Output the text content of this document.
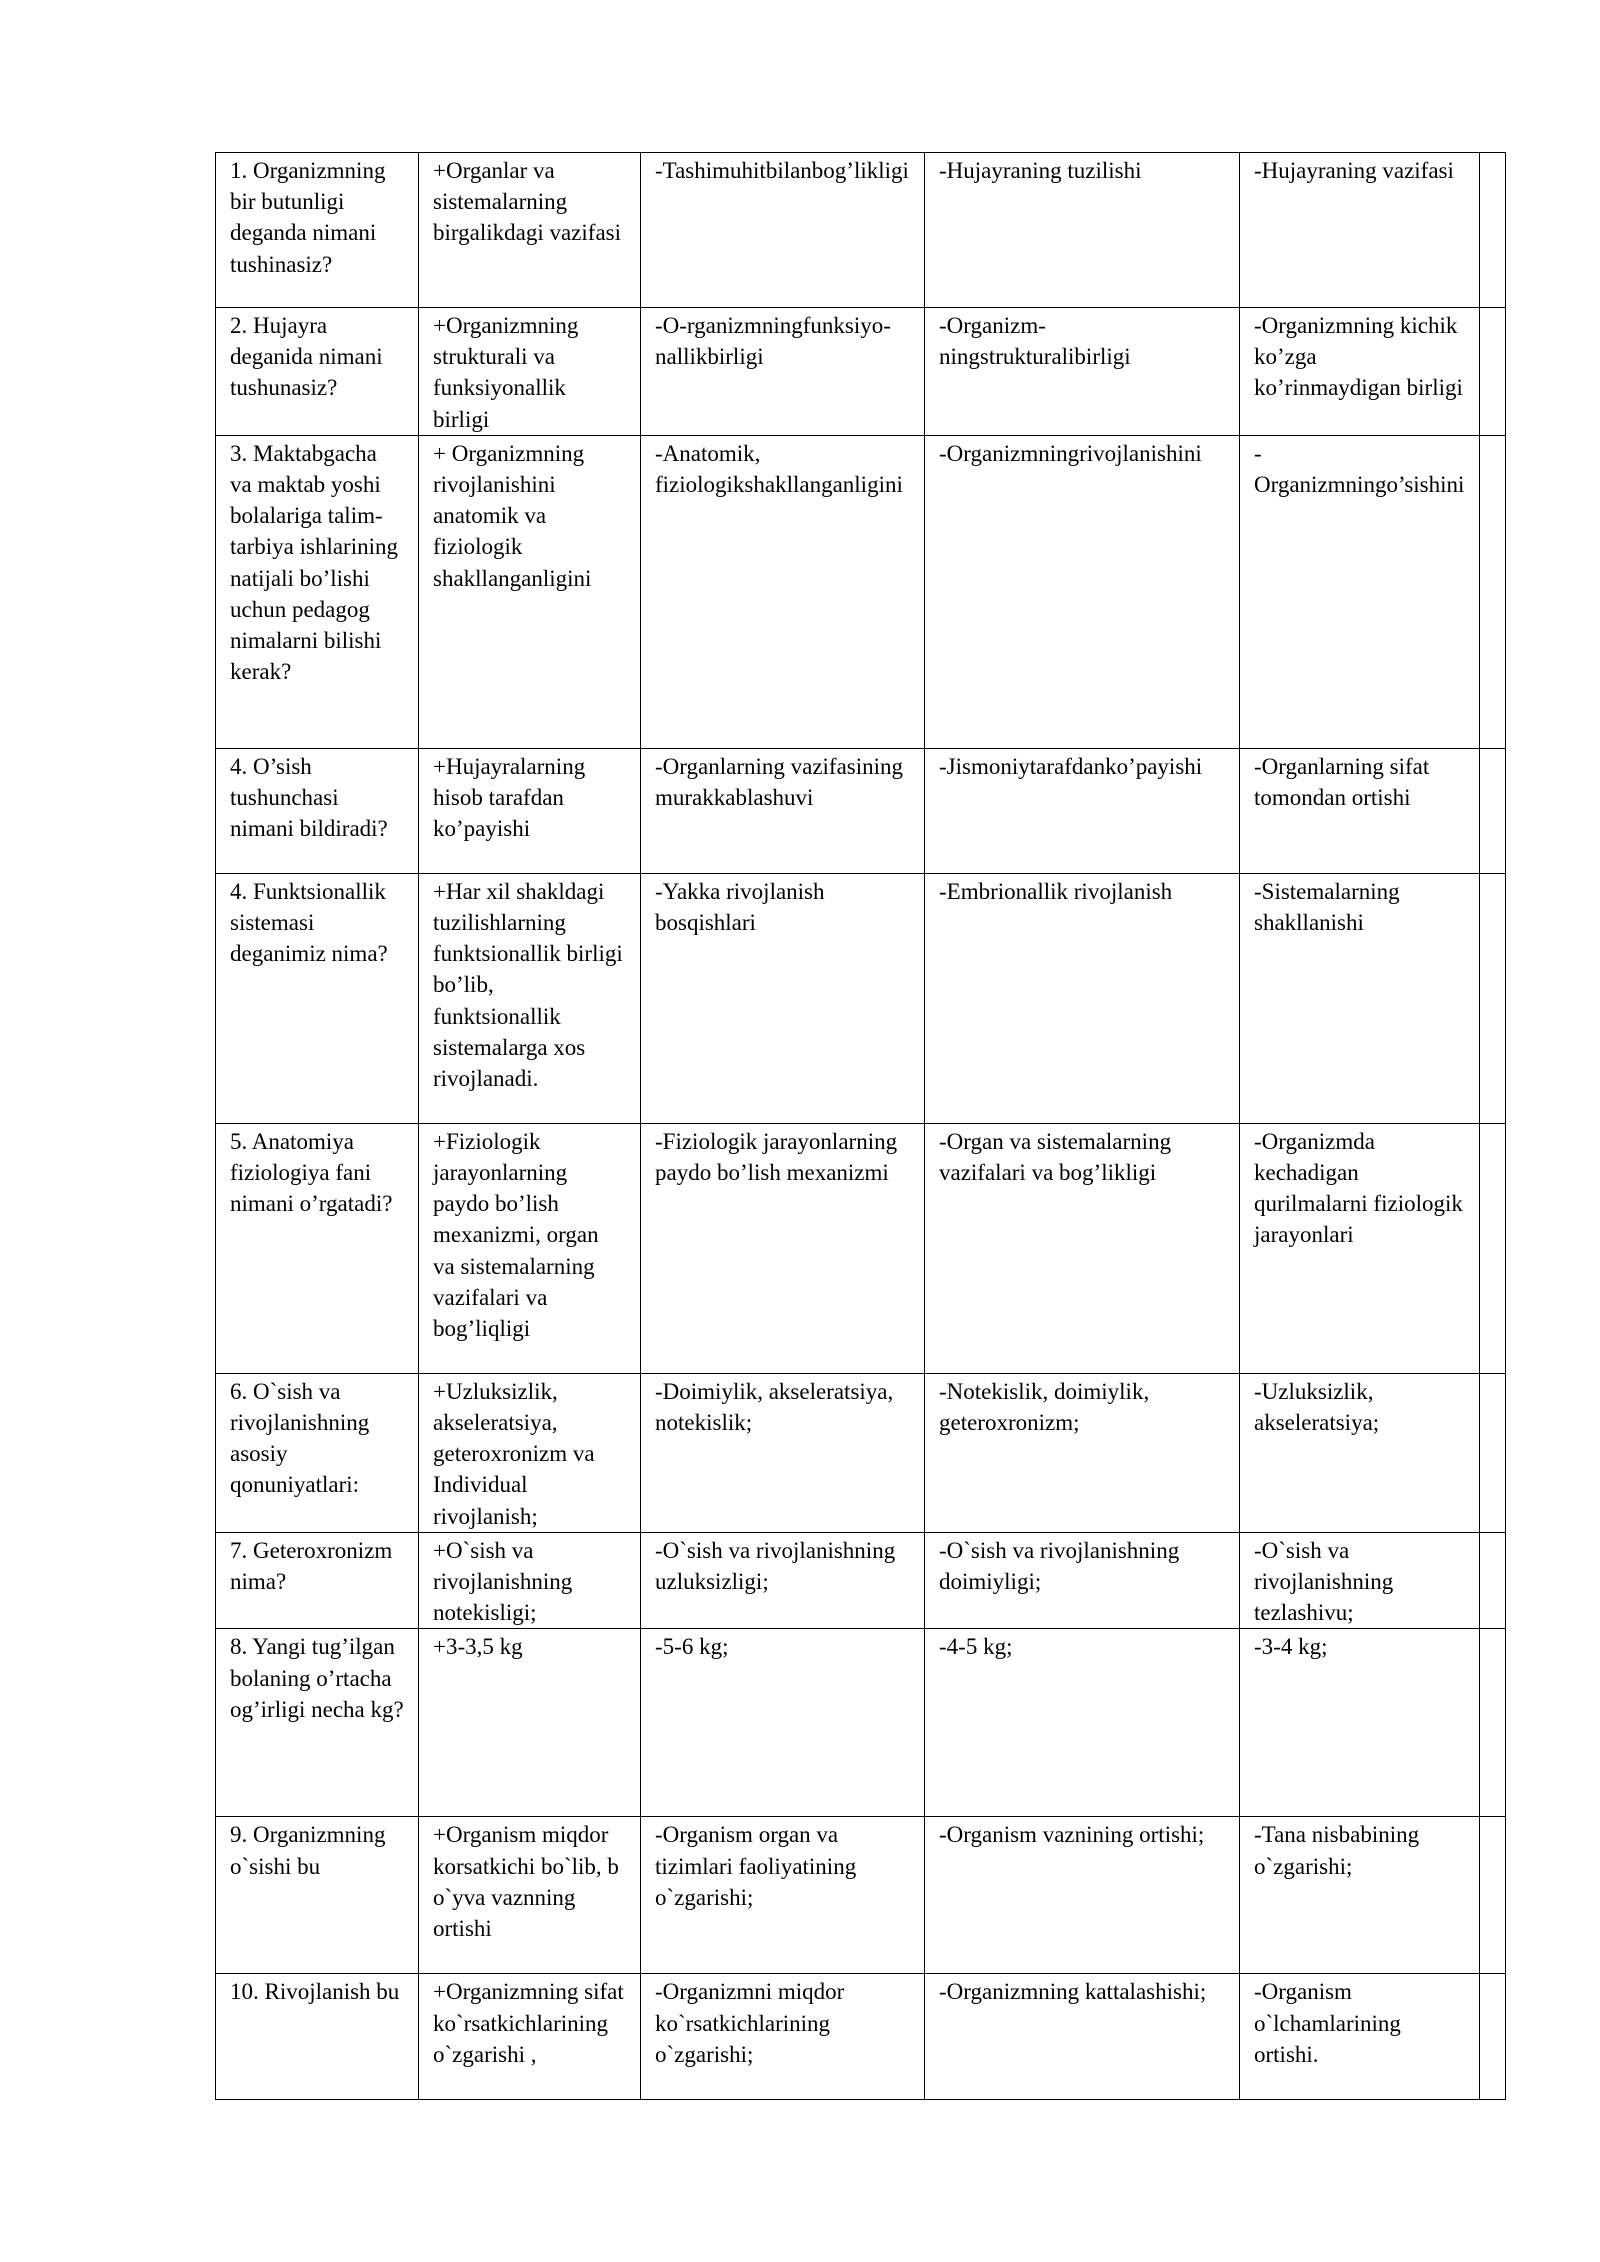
1. Organizmning bir butunligi deganda nimani tushinasiz?	+Organlar va sistemalarning birgalikdagi vazifasi	-Tashimuhitbilanbog’likligi	-Hujayraning tuzilishi	-Hujayraning vazifasi	
2. Hujayra deganida nimani tushunasiz?	+Organizmning strukturali va funksiyonallik birligi	-O-rganizmningfunksiyo-nallikbirligi	-Organizm-ningstrukturalibirligi	-Organizmning kichik ko’zga ko’rinmaydigan birligi	
3. Maktabgacha va maktab yoshi bolalariga talim-tarbiya ishlarining natijali bo’lishi uchun pedagog nimalarni bilishi kerak?	+ Organizmning rivojlanishini anatomik va fiziologik shakllanganligini	-Anatomik, fiziologikshakllanganligini	-Organizmningrivojlanishini	-Organizmningo’sishini	
4. O’sish tushunchasi nimani bildiradi?	+Hujayralarning hisob tarafdan ko’payishi	-Organlarning vazifasining murakkablashuvi	-Jismoniytarafdanko’payishi	-Organlarning sifat tomondan ortishi	
4. Funktsionallik sistemasi deganimiz nima?	+Har xil shakldagi tuzilishlarning funktsionallik birligi bo’lib, funktsionallik sistemalarga xos rivojlanadi.	-Yakka rivojlanish bosqishlari	-Embrionallik rivojlanish	-Sistemalarning shakllanishi	
5. Anatomiya fiziologiya fani nimani o’rgatadi?	+Fiziologik jarayonlarning paydo bo’lish mexanizmi, organ va sistemalarning vazifalari va bog’liqligi	-Fiziologik jarayonlarning paydo bo’lish mexanizmi	-Organ va sistemalarning vazifalari va bog’likligi	-Organizmda kechadigan qurilmalarni fiziologik jarayonlari	
6. O`sish va rivojlanishning asosiy qonuniyatlari:	+Uzluksizlik, akseleratsiya, geteroxronizm va Individual rivojlanish;	-Doimiylik, akseleratsiya, notekislik;	-Notekislik, doimiylik, geteroxronizm;	-Uzluksizlik, akseleratsiya;	
7. Geteroxronizm nima?	+O`sish va rivojlanishning notekisligi;	-O`sish va rivojlanishning uzluksizligi;	-O`sish va rivojlanishning doimiyligi;	-O`sish va rivojlanishning tezlashivu;	
8. Yangi tug’ilgan bolaning o’rtacha og’irligi necha kg?	+3-3,5 kg	-5-6 kg;	-4-5 kg;	-3-4 kg;	
9. Organizmning o`sishi bu	+Organism miqdor korsatkichi bo`lib, b o`yva vaznning ortishi	-Organism organ va tizimlari faoliyatining o`zgarishi;	-Organism vaznining ortishi;	-Tana nisbabining o`zgarishi;	
10. Rivojlanish bu	+Organizmning sifat ko`rsatkichlarining o`zgarishi ,	-Organizmni miqdor ko`rsatkichlarining o`zgarishi;	-Organizmning kattalashishi;	-Organism o`lchamlarining ortishi.	
